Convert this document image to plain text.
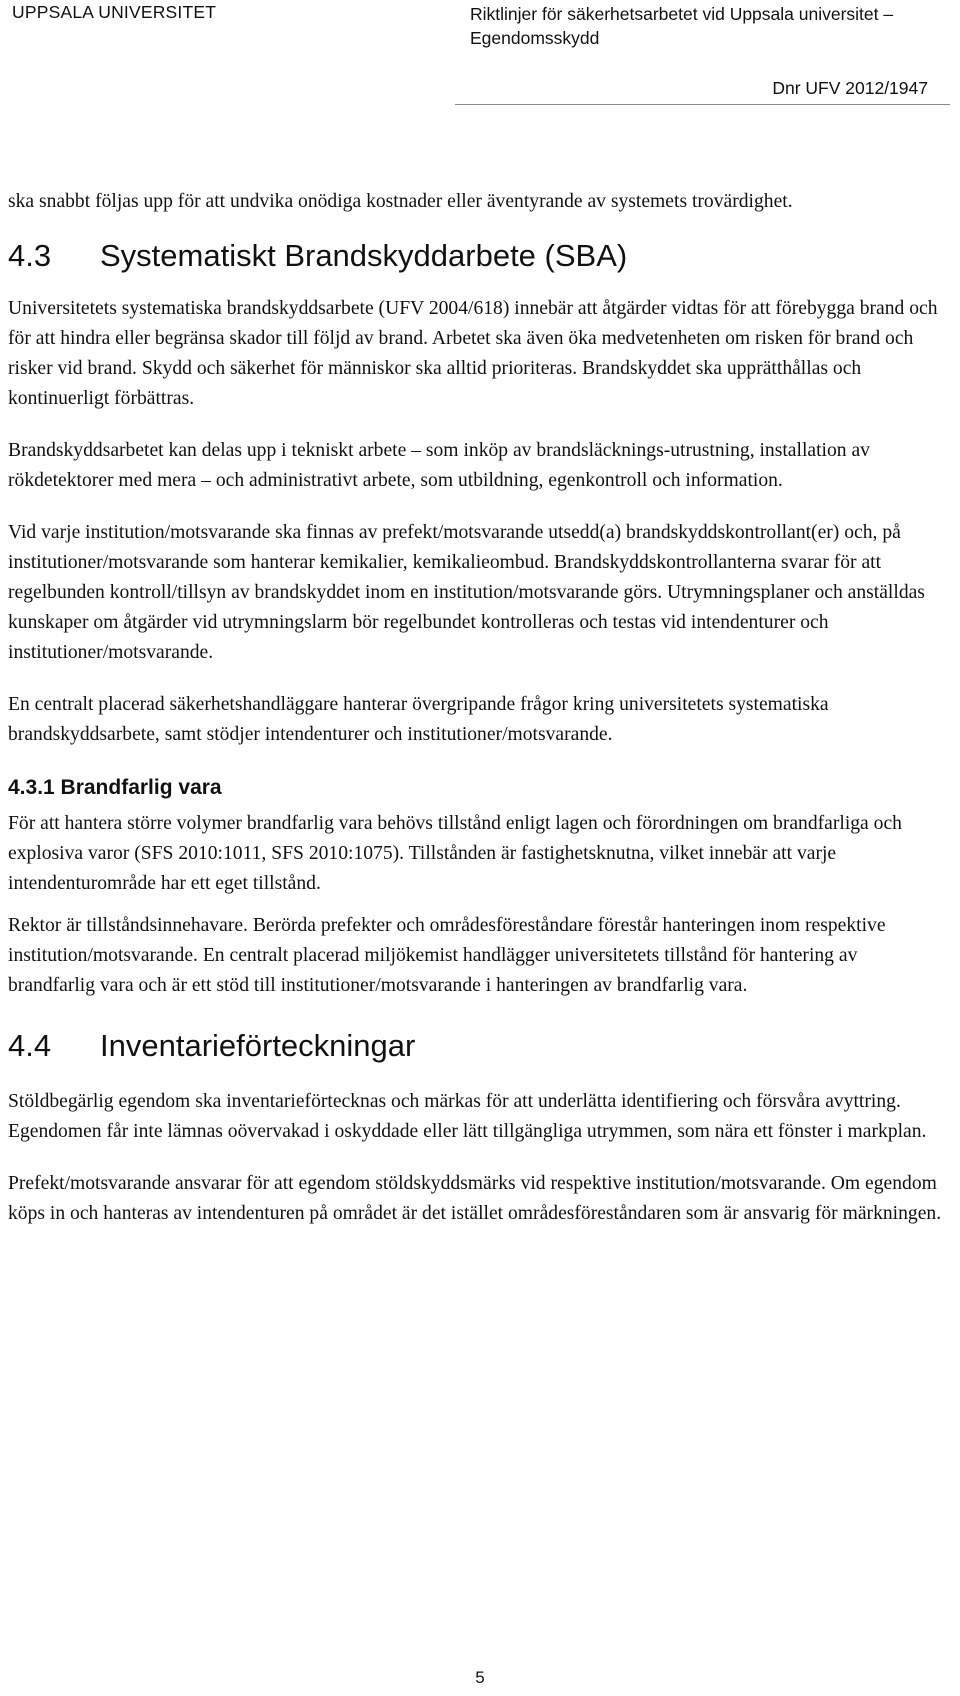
UPPSALA UNIVERSITET	Riktlinjer för säkerhetsarbetet vid Uppsala universitet –
Egendomsskydd
Dnr UFV 2012/1947

ska snabbt följas upp för att undvika onödiga kostnader eller äventyrande av systemets trovärdighet.

4.3 Systematiskt Brandskyddarbete (SBA)

Universitetets systematiska brandskyddsarbete (UFV 2004/618) innebär att åtgärder vidtas för att förebygga brand och för att hindra eller begränsa skador till följd av brand. Arbetet ska även öka medvetenheten om risken för brand och risker vid brand. Skydd och säkerhet för människor ska alltid prioriteras. Brandskyddet ska upprätthållas och kontinuerligt förbättras.

Brandskyddsarbetet kan delas upp i tekniskt arbete – som inköp av brandsläcknings-utrustning, installation av rökdetektorer med mera – och administrativt arbete, som utbildning, egenkontroll och information.

Vid varje institution/motsvarande ska finnas av prefekt/motsvarande utsedd(a) brandskyddskontrollant(er) och, på institutioner/motsvarande som hanterar kemikalier, kemikalieombud. Brandskyddskontrollanterna svarar för att regelbunden kontroll/tillsyn av brandskyddet inom en institution/motsvarande görs. Utrymningsplaner och anställdas kunskaper om åtgärder vid utrymningslarm bör regelbundet kontrolleras och testas vid intendenturer och institutioner/motsvarande.

En centralt placerad säkerhetshandläggare hanterar övergripande frågor kring universitetets systematiska brandskyddsarbete, samt stödjer intendenturer och institutioner/motsvarande.

4.3.1 Brandfarlig vara

För att hantera större volymer brandfarlig vara behövs tillstånd enligt lagen och förordningen om brandfarliga och explosiva varor (SFS 2010:1011, SFS 2010:1075). Tillstånden är fastighetsknutna, vilket innebär att varje intendenturområde har ett eget tillstånd.

Rektor är tillståndsinnehavare. Berörda prefekter och områdesföreståndare förestår hanteringen inom respektive institution/motsvarande. En centralt placerad miljökemist handlägger universitetets tillstånd för hantering av brandfarlig vara och är ett stöd till institutioner/motsvarande i hanteringen av brandfarlig vara.

4.4 Inventarieförteckningar

Stöldbegärlig egendom ska inventarieförtecknas och märkas för att underlätta identifiering och försvåra avyttring. Egendomen får inte lämnas oövervakad i oskyddade eller lätt tillgängliga utrymmen, som nära ett fönster i markplan.

Prefekt/motsvarande ansvarar för att egendom stöldskyddsmärks vid respektive institution/motsvarande. Om egendom köps in och hanteras av intendenturen på området är det istället områdesföreståndaren som är ansvarig för märkningen.

5
